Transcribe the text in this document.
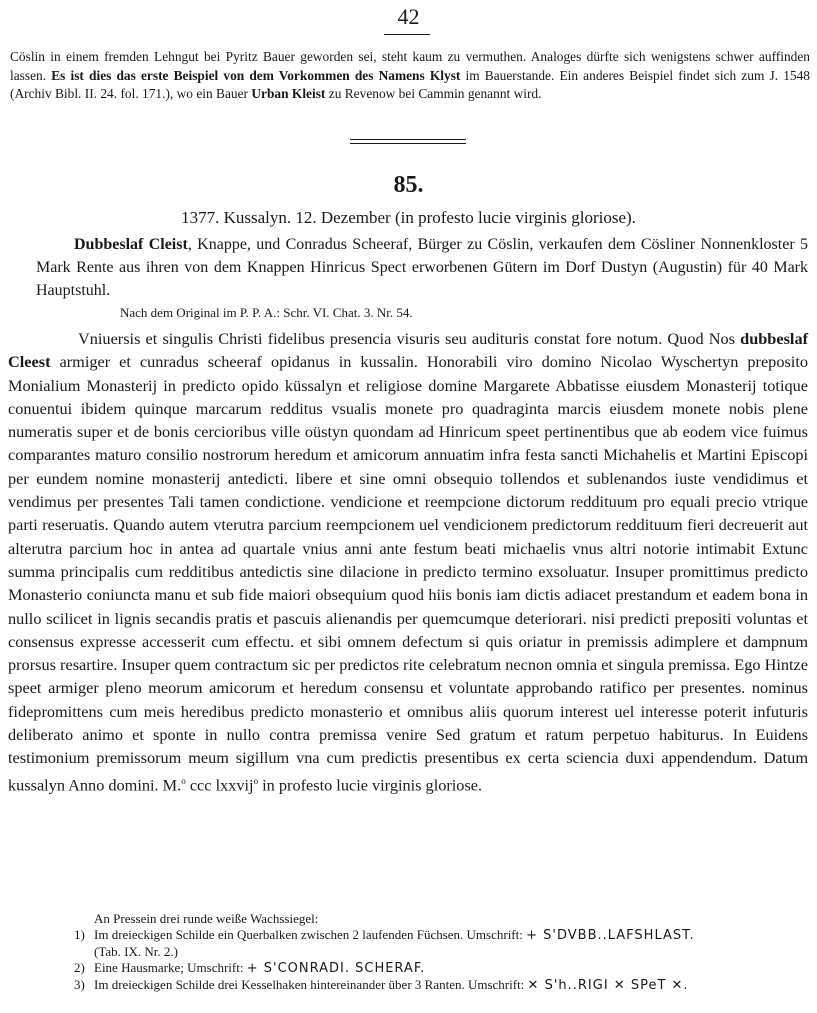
42
Cöslin in einem fremden Lehngut bei Pyritz Bauer geworden sei, steht kaum zu vermuthen. Analoges dürfte sich wenigstens schwer auffinden lassen. Es ist dies das erste Beispiel von dem Vorkommen des Namens Klyst im Bauerstande. Ein anderes Beispiel findet sich zum J. 1548 (Archiv Bibl. II. 24. fol. 171.), wo ein Bauer Urban Kleist zu Revenow bei Cammin genannt wird.
85.
1377. Kussalyn. 12. Dezember (in profesto lucie virginis gloriose).
Dubbeslaf Cleist, Knappe, und Conradus Scheeraf, Bürger zu Cöslin, verkaufen dem Cösliner Nonnenkloster 5 Mark Rente aus ihren von dem Knappen Hinricus Spect erworbenen Gütern im Dorf Dustyn (Augustin) für 40 Mark Hauptstuhl.
Nach dem Original im P. P. A.: Schr. VI. Chat. 3. Nr. 54.
Vniuersis et singulis Christi fidelibus presencia visuris seu audituris constat fore notum. Quod Nos dubbeslaf Cleest armiger et cunradus scheeraf opidanus in kussalin. Honorabili viro domino Nicolao Wyschertyn preposito Monialium Monasterij in predicto opido küssalyn et religiose domine Margarete Abbatisse eiusdem Monasterij totique conuentui ibidem quinque marcarum redditus vsualis monete pro quadraginta marcis eiusdem monete nobis plene numeratis super et de bonis cercioribus ville oüstyn quondam ad Hinricum speet pertinentibus que ab eodem vice fuimus comparantes maturo consilio nostrorum heredum et amicorum annuatim infra festa sancti Michahelis et Martini Episcopi per eundem nomine monasterij antedicti. libere et sine omni obsequio tollendos et sublenandos iuste vendidimus et vendimus per presentes Tali tamen condictione. vendicione et reempcione dictorum reddituum pro equali precio vtrique parti reseruatis. Quando autem vterutra parcium reempcionem uel vendicionem predictorum reddituum fieri decreuerit aut alterutra parcium hoc in antea ad quartale vnius anni ante festum beati michaelis vnus altri notorie intimabit Extunc summa principalis cum redditibus antedictis sine dilacione in predicto termino exsoluatur. Insuper promittimus predicto Monasterio coniuncta manu et sub fide maiori obsequium quod hiis bonis iam dictis adiacet prestandum et eadem bona in nullo scilicet in lignis secandis pratis et pascuis alienandis per quemcumque deteriorari. nisi predicti prepositi voluntas et consensus expresse accesserit cum effectu. et sibi omnem defectum si quis oriatur in premissis adimplere et dampnum prorsus resartire. Insuper quem contractum sic per predictos rite celebratum necnon omnia et singula premissa. Ego Hintze speet armiger pleno meorum amicorum et heredum consensu et voluntate approbando ratifico per presentes. nominus fidepromittens cum meis heredibus predicto monasterio et omnibus aliis quorum interest uel interesse poterit infuturis deliberato animo et sponte in nullo contra premissa venire Sed gratum et ratum perpetuo habiturus. In Euidens testimonium premissorum meum sigillum vna cum predictis presentibus ex certa sciencia duxi appendendum. Datum kussalyn Anno domini. M.$^o$ ccc lxxvij$^o$ in profesto lucie virginis gloriose.
An Pressein drei runde weiße Wachssiegel:
1) Im dreieckigen Schilde ein Querbalken zwischen 2 laufenden Füchsen. Umschrift: + S'DVBB..LAFSHLAST.
(Tab. IX. Nr. 2.)
2) Eine Hausmarke; Umschrift: + S'CONRADI. SCHERAF.
3) Im dreieckigen Schilde drei Kesselhaken hintereinander über 3 Ranten. Umschrift: ✕ S'h..RIGI ✕ SPeT ✕.
